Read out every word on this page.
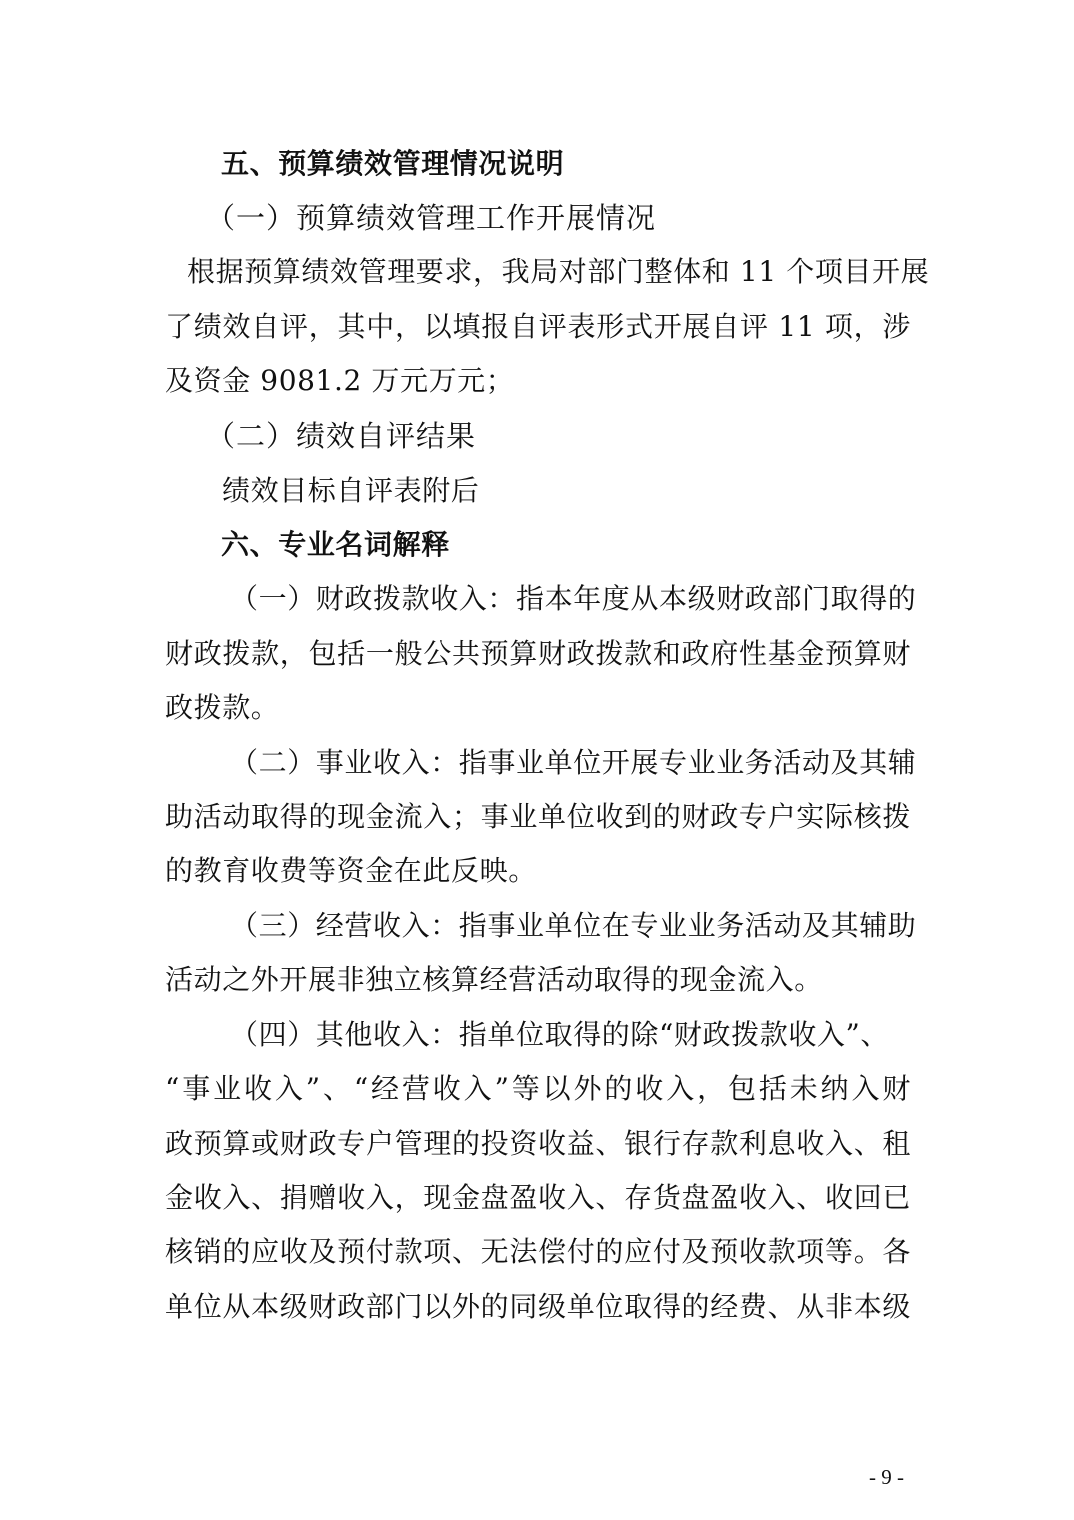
五、预算绩效管理情况说明
（一）预算绩效管理工作开展情况
根据预算绩效管理要求，我局对部门整体和 11 个项目开展
了绩效自评，其中，以填报自评表形式开展自评 11 项，涉
及资金 9081.2 万元万元；
（二）绩效自评结果
绩效目标自评表附后
六、专业名词解释
（一）财政拨款收入：指本年度从本级财政部门取得的
财政拨款，包括一般公共预算财政拨款和政府性基金预算财
政拨款。
（二）事业收入：指事业单位开展专业业务活动及其辅
助活动取得的现金流入；事业单位收到的财政专户实际核拨
的教育收费等资金在此反映。
（三）经营收入：指事业单位在专业业务活动及其辅助
活动之外开展非独立核算经营活动取得的现金流入。
（四）其他收入：指单位取得的除“财政拨款收入”、
“事业收入”、“经营收入”等以外的收入，包括未纳入财
政预算或财政专户管理的投资收益、银行存款利息收入、租
金收入、捐赠收入，现金盘盈收入、存货盘盈收入、收回已
核销的应收及预付款项、无法偿付的应付及预收款项等。各
单位从本级财政部门以外的同级单位取得的经费、从非本级
- 9 -
